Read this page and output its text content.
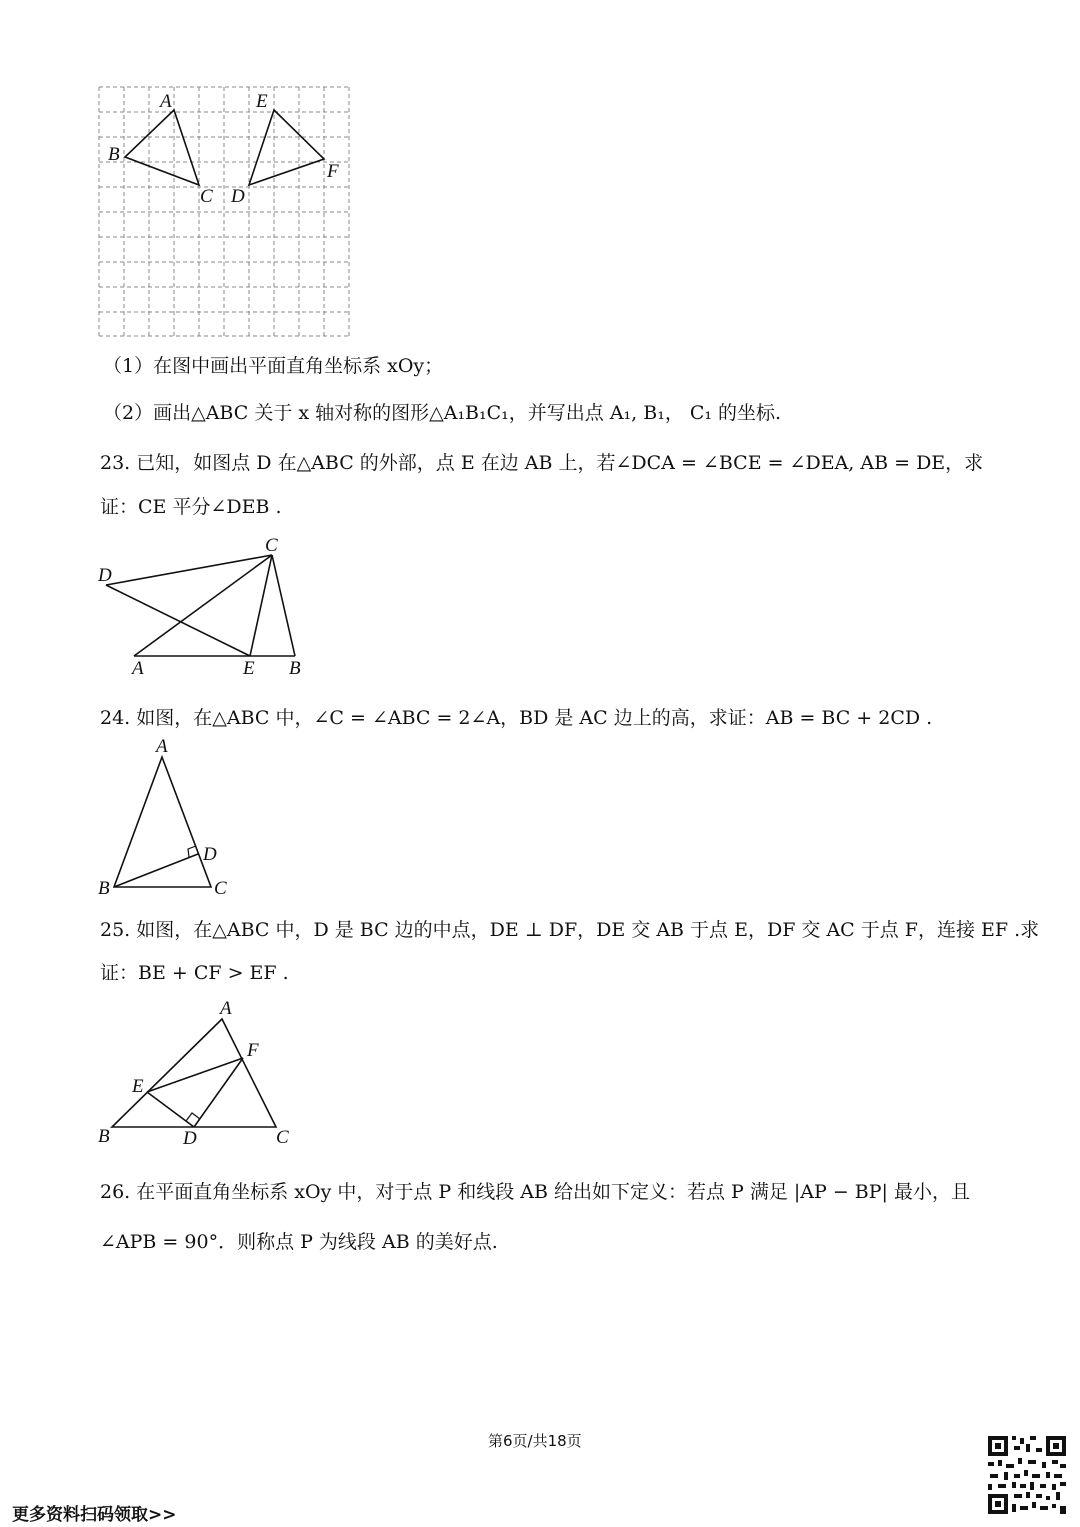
A
B
C D
E
F
（1）在图中画出平面直角坐标系 xOy；
（2）画出△ABC 关于 x 轴对称的图形△A₁B₁C₁，并写出点 A₁, B₁， C₁ 的坐标.
23. 已知，如图点 D 在△ABC 的外部，点 E 在边 AB 上，若∠DCA = ∠BCE = ∠DEA, AB = DE，求
证：CE 平分∠DEB .
C
D
A	E B
24. 如图，在△ABC 中，∠C = ∠ABC = 2∠A，BD 是 AC 边上的高，求证：AB = BC + 2CD .
A
D
B	C
25. 如图，在△ABC 中，D 是 BC 边的中点，DE ⊥ DF，DE 交 AB 于点 E，DF 交 AC 于点 F，连接 EF .求
证：BE + CF > EF .
A
F
E
B	D	C
26. 在平面直角坐标系 xOy 中，对于点 P 和线段 AB 给出如下定义：若点 P 满足 |AP − BP| 最小，且
∠APB = 90°．则称点 P 为线段 AB 的美好点.
第6页/共18页
更多资料扫码领取>>
